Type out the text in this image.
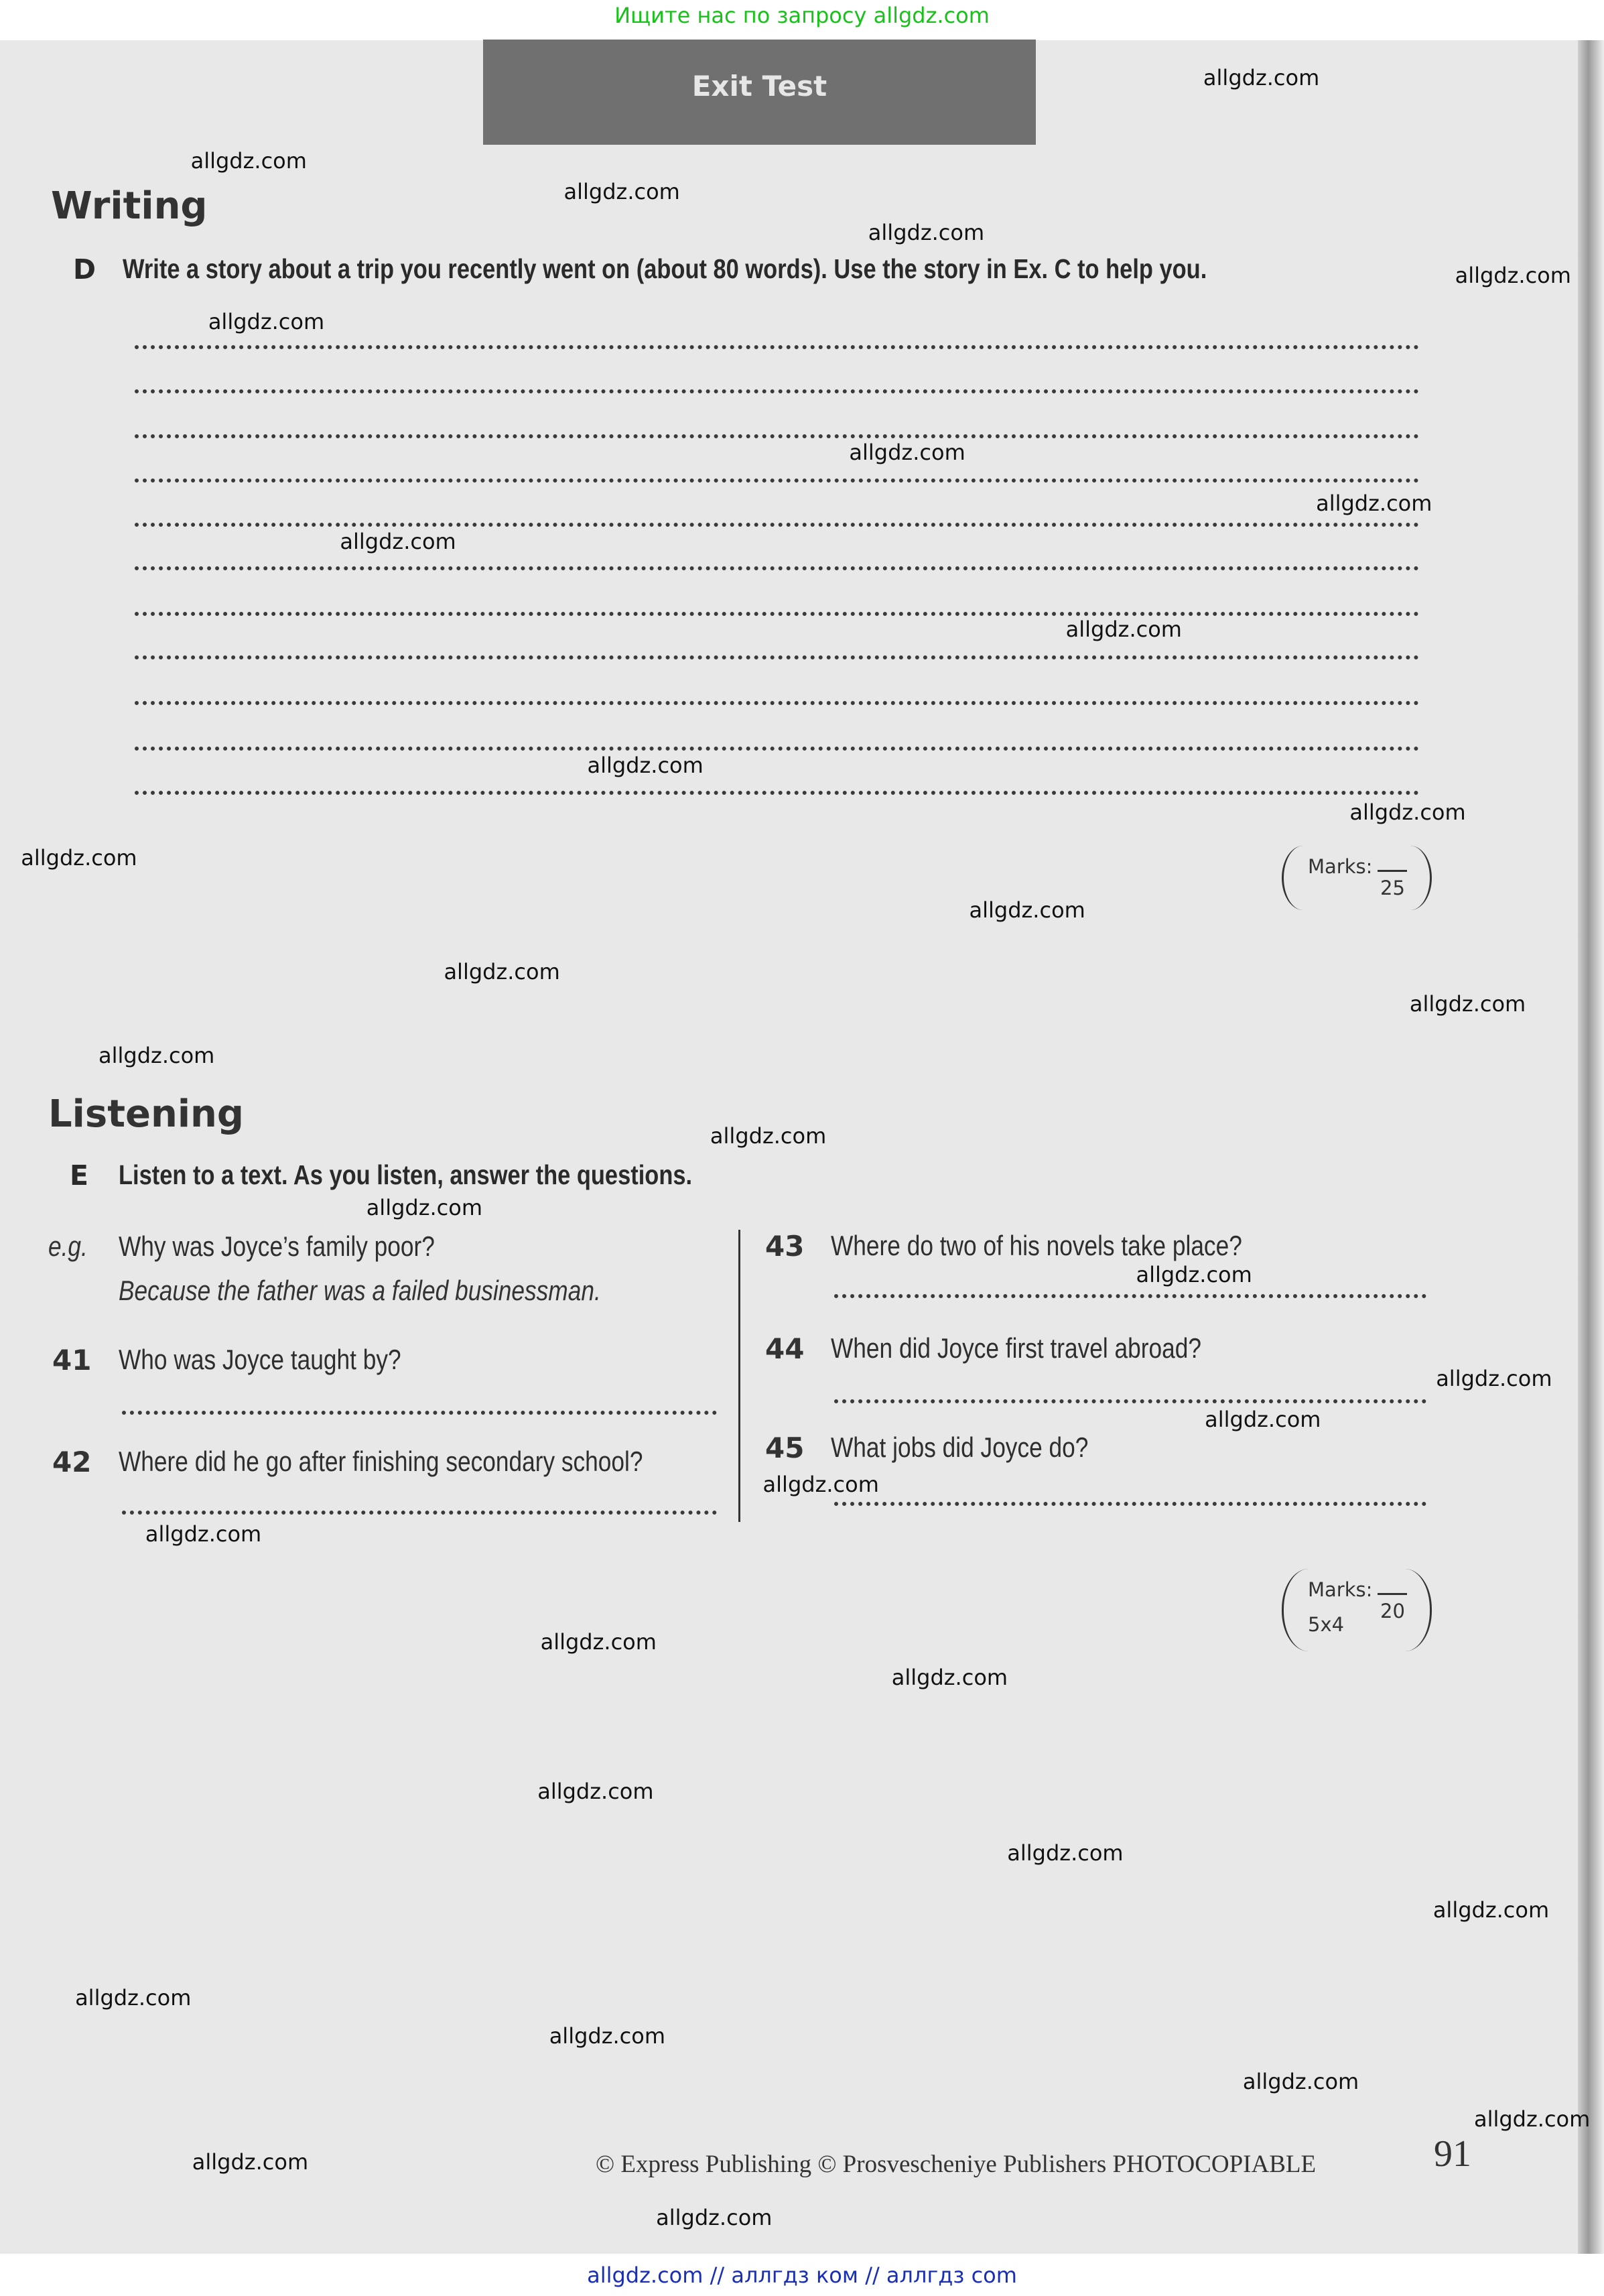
Ищите нас по запросу allgdz.com
Exit Test
Writing
D Write a story about a trip you recently went on (about 80 words). Use the story in Ex. C to help you.
Marks:
25
Listening
E Listen to a text. As you listen, answer the questions.
e.g. Why was Joyce’s family poor?
Because the father was a failed businessman.
41 Who was Joyce taught by?
42 Where did he go after finishing secondary school?
43 Where do two of his novels take place?
44 When did Joyce first travel abroad?
45 What jobs did Joyce do?
Marks:
5x4
20
© Express Publishing © Prosvescheniye Publishers PHOTOCOPIABLE	91
allgdz.com // аллгдз ком // аллгдз com
allgdz.com
allgdz.com
allgdz.com
allgdz.com
allgdz.com
allgdz.com
allgdz.com
allgdz.com
allgdz.com
allgdz.com
allgdz.com
allgdz.com
allgdz.com
allgdz.com
allgdz.com
allgdz.com
allgdz.com
allgdz.com
allgdz.com
allgdz.com
allgdz.com
allgdz.com
allgdz.com
allgdz.com
allgdz.com
allgdz.com
allgdz.com
allgdz.com
allgdz.com
allgdz.com
allgdz.com
allgdz.com
allgdz.com
allgdz.com
allgdz.com
